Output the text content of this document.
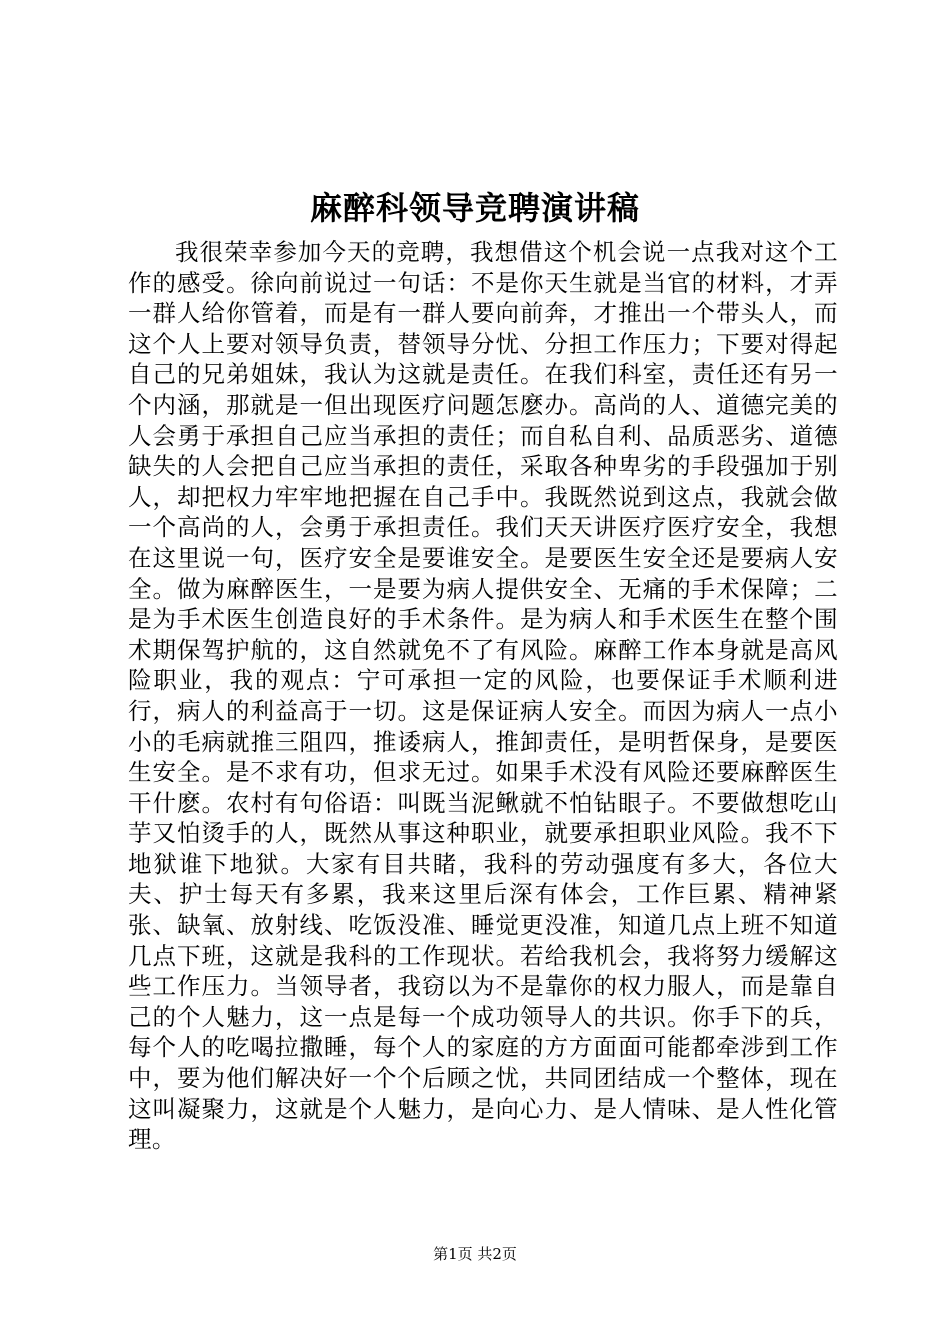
麻醉科领导竞聘演讲稿

我很荣幸参加今天的竞聘，我想借这个机会说一点我对这个工作的感受。徐向前说过一句话：不是你天生就是当官的材料，才弄一群人给你管着，而是有一群人要向前奔，才推出一个带头人，而这个人上要对领导负责，替领导分忧、分担工作压力；下要对得起自己的兄弟姐妹，我认为这就是责任。在我们科室，责任还有另一个内涵，那就是一但出现医疗问题怎麽办。高尚的人、道德完美的人会勇于承担自己应当承担的责任；而自私自利、品质恶劣、道德缺失的人会把自己应当承担的责任，采取各种卑劣的手段强加于别人，却把权力牢牢地把握在自己手中。我既然说到这点，我就会做一个高尚的人，会勇于承担责任。我们天天讲医疗医疗安全，我想在这里说一句，医疗安全是要谁安全。是要医生安全还是要病人安全。做为麻醉医生，一是要为病人提供安全、无痛的手术保障；二是为手术医生创造良好的手术条件。是为病人和手术医生在整个围术期保驾护航的，这自然就免不了有风险。麻醉工作本身就是高风险职业，我的观点：宁可承担一定的风险，也要保证手术顺利进行，病人的利益高于一切。这是保证病人安全。而因为病人一点小小的毛病就推三阻四，推诿病人，推卸责任，是明哲保身，是要医生安全。是不求有功，但求无过。如果手术没有风险还要麻醉医生干什麽。农村有句俗语：叫既当泥鳅就不怕钻眼子。不要做想吃山芋又怕烫手的人，既然从事这种职业，就要承担职业风险。我不下地狱谁下地狱。大家有目共睹，我科的劳动强度有多大，各位大夫、护士每天有多累，我来这里后深有体会，工作巨累、精神紧张、缺氧、放射线、吃饭没准、睡觉更没准，知道几点上班不知道几点下班，这就是我科的工作现状。若给我机会，我将努力缓解这些工作压力。当领导者，我窃以为不是靠你的权力服人，而是靠自己的个人魅力，这一点是每一个成功领导人的共识。你手下的兵，每个人的吃喝拉撒睡，每个人的家庭的方方面面可能都牵涉到工作中，要为他们解决好一个个后顾之忧，共同团结成一个整体，现在这叫凝聚力，这就是个人魅力，是向心力、是人情味、是人性化管理。

第1页 共2页
